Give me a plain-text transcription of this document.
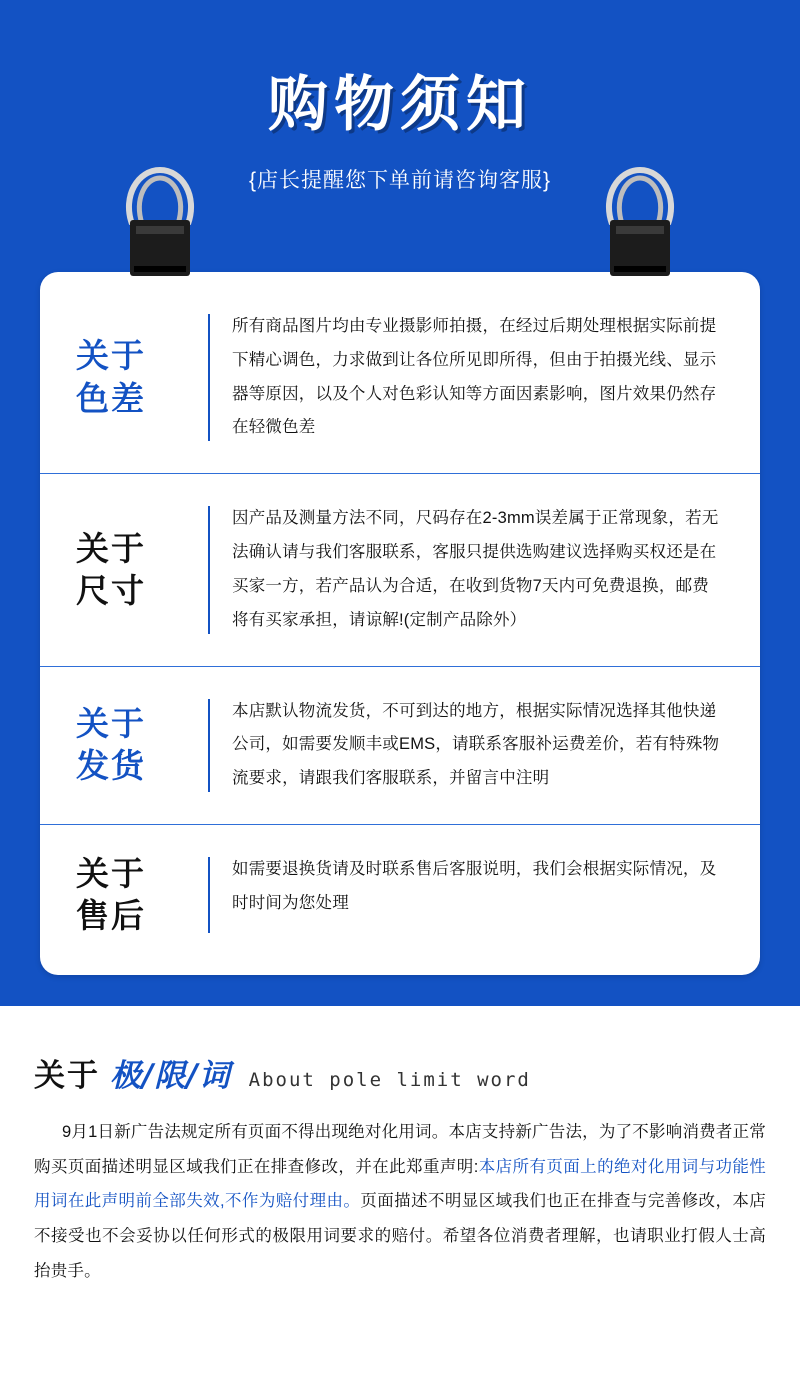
购物须知
{店长提醒您下单前请咨询客服}
关于
色差
所有商品图片均由专业摄影师拍摄，在经过后期处理根据实际前提下精心调色，力求做到让各位所见即所得，但由于拍摄光线、显示器等原因，以及个人对色彩认知等方面因素影响，图片效果仍然存在轻微色差
关于
尺寸
因产品及测量方法不同，尺码存在2-3mm误差属于正常现象，若无法确认请与我们客服联系，客服只提供选购建议选择购买权还是在买家一方，若产品认为合适，在收到货物7天内可免费退换，邮费将有买家承担，请谅解!(定制产品除外）
关于
发货
本店默认物流发货，不可到达的地方，根据实际情况选择其他快递公司，如需要发顺丰或EMS，请联系客服补运费差价，若有特殊物流要求，请跟我们客服联系，并留言中注明
关于
售后
如需要退换货请及时联系售后客服说明，我们会根据实际情况，及时时间为您处理
关于 极/限/词 About pole limit word
9月1日新广告法规定所有页面不得出现绝对化用词。本店支持新广告法，为了不影响消费者正常购买页面描述明显区域我们正在排查修改，并在此郑重声明:本店所有页面上的绝对化用词与功能性用词在此声明前全部失效,不作为赔付理由。页面描述不明显区域我们也正在排查与完善修改，本店不接受也不会妥协以任何形式的极限用词要求的赔付。希望各位消费者理解，也请职业打假人士高抬贵手。
